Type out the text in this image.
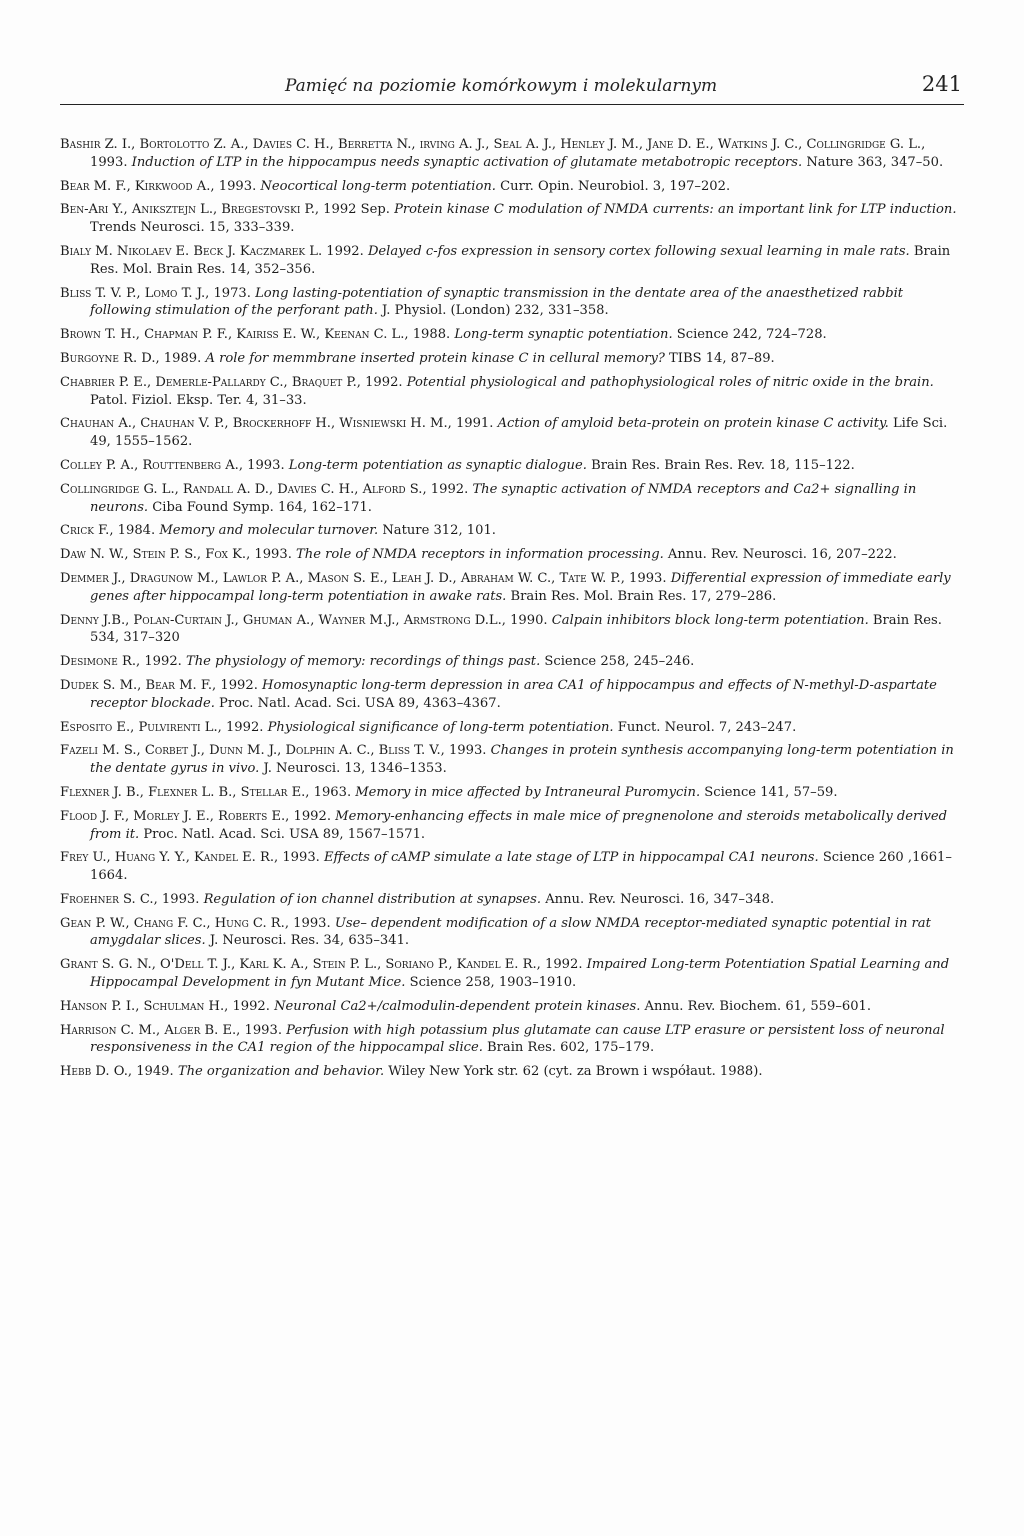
Pamięć na poziomie komórkowym i molekularnym	241

Bashir Z. I., Bortolotto Z. A., Davies C. H., Berretta N., irving A. J., Seal A. J., Henley J. M., Jane D. E., Watkins J. C., Collingridge G. L., 1993. Induction of LTP in the hippocampus needs synaptic activation of glutamate metabotropic receptors. Nature 363, 347–50.

Bear M. F., Kirkwood A., 1993. Neocortical long-term potentiation. Curr. Opin. Neurobiol. 3, 197–202.

Ben-Ari Y., Anikszteјn L., Bregestovski P., 1992 Sep. Protein kinase C modulation of NMDA currents: an important link for LTP induction. Trends Neurosci. 15, 333–339.

Bialy M. Nikolaev E. Beck J. Kaczmarek L. 1992. Delayed c-fos expression in sensory cortex following sexual learning in male rats. Brain Res. Mol. Brain Res. 14, 352–356.

Bliss T. V. P., Lomo T. J., 1973. Long lasting-potentiation of synaptic transmission in the dentate area of the anaesthetized rabbit following stimulation of the perforant path. J. Physiol. (London) 232, 331–358.

Brown T. H., Chapman P. F., Kairiss E. W., Keenan C. L., 1988. Long-term synaptic potentiation. Science 242, 724–728.

Burgoyne R. D., 1989. A role for memmbrane inserted protein kinase C in cellural memory? TIBS 14, 87–89.

Chabrier P. E., Demerle-Pallardy C., Braquet P., 1992. Potential physiological and pathophysiological roles of nitric oxide in the brain. Patol. Fiziol. Eksp. Ter. 4, 31–33.

Chauhan A., Chauhan V. P., Brockerhoff H., Wisniewski H. M., 1991. Action of amyloid beta-protein on protein kinase C activity. Life Sci. 49, 1555–1562.

Colley P. A., Routtenberg A., 1993. Long-term potentiation as synaptic dialogue. Brain Res. Brain Res. Rev. 18, 115–122.

Collingridge G. L., Randall A. D., Davies C. H., Alford S., 1992. The synaptic activation of NMDA receptors and Ca2+ signalling in neurons. Ciba Found Symp. 164, 162–171.

Crick F., 1984. Memory and molecular turnover. Nature 312, 101.

Daw N. W., Stein P. S., Fox K., 1993. The role of NMDA receptors in information processing. Annu. Rev. Neurosci. 16, 207–222.

Demmer J., Dragunow M., Lawlor P. A., Mason S. E., Leah J. D., Abraham W. C., Tate W. P., 1993. Differential expression of immediate early genes after hippocampal long-term potentiation in awake rats. Brain Res. Mol. Brain Res. 17, 279–286.

Denny J.B., Polan-Curtain J., Ghuman A., Wayner M.J., Armstrong D.L., 1990. Calpain inhibitors block long-term potentiation. Brain Res. 534, 317–320

Desimone R., 1992. The physiology of memory: recordings of things past. Science 258, 245–246.

Dudek S. M., Bear M. F., 1992. Homosynaptic long-term depression in area CA1 of hippocampus and effects of N-methyl-D-aspartate receptor blockade. Proc. Natl. Acad. Sci. USA 89, 4363–4367.

Esposito E., Pulvirenti L., 1992. Physiological significance of long-term potentiation. Funct. Neurol. 7, 243–247.

Fazeli M. S., Corbet J., Dunn M. J., Dolphin A. C., Bliss T. V., 1993. Changes in protein synthesis accompanying long-term potentiation in the dentate gyrus in vivo. J. Neurosci. 13, 1346–1353.

Flexner J. B., Flexner L. B., Stellar E., 1963. Memory in mice affected by Intraneural Puromycin. Science 141, 57–59.

Flood J. F., Morley J. E., Roberts E., 1992. Memory-enhancing effects in male mice of pregnenolone and steroids metabolically derived from it. Proc. Natl. Acad. Sci. USA 89, 1567–1571.

Frey U., Huang Y. Y., Kandel E. R., 1993. Effects of cAMP simulate a late stage of LTP in hippocampal CA1 neurons. Science 260 ,1661–1664.

Froehner S. C., 1993. Regulation of ion channel distribution at synapses. Annu. Rev. Neurosci. 16, 347–348.

Gean P. W., Chang F. C., Hung C. R., 1993. Use– dependent modification of a slow NMDA receptor-mediated synaptic potential in rat amygdalar slices. J. Neurosci. Res. 34, 635–341.

Grant S. G. N., O'Dell T. J., Karl K. A., Stein P. L., Soriano P., Kandel E. R., 1992. Impaired Long-term Potentiation Spatial Learning and Hippocampal Development in fyn Mutant Mice. Science 258, 1903–1910.

Hanson P. I., Schulman H., 1992. Neuronal Ca2+/calmodulin-dependent protein kinases. Annu. Rev. Biochem. 61, 559–601.

Harrison C. M., Alger B. E., 1993. Perfusion with high potassium plus glutamate can cause LTP erasure or persistent loss of neuronal responsiveness in the CA1 region of the hippocampal slice. Brain Res. 602, 175–179.

Hebb D. O., 1949. The organization and behavior. Wiley New York str. 62 (cyt. za Brown i współaut. 1988).
